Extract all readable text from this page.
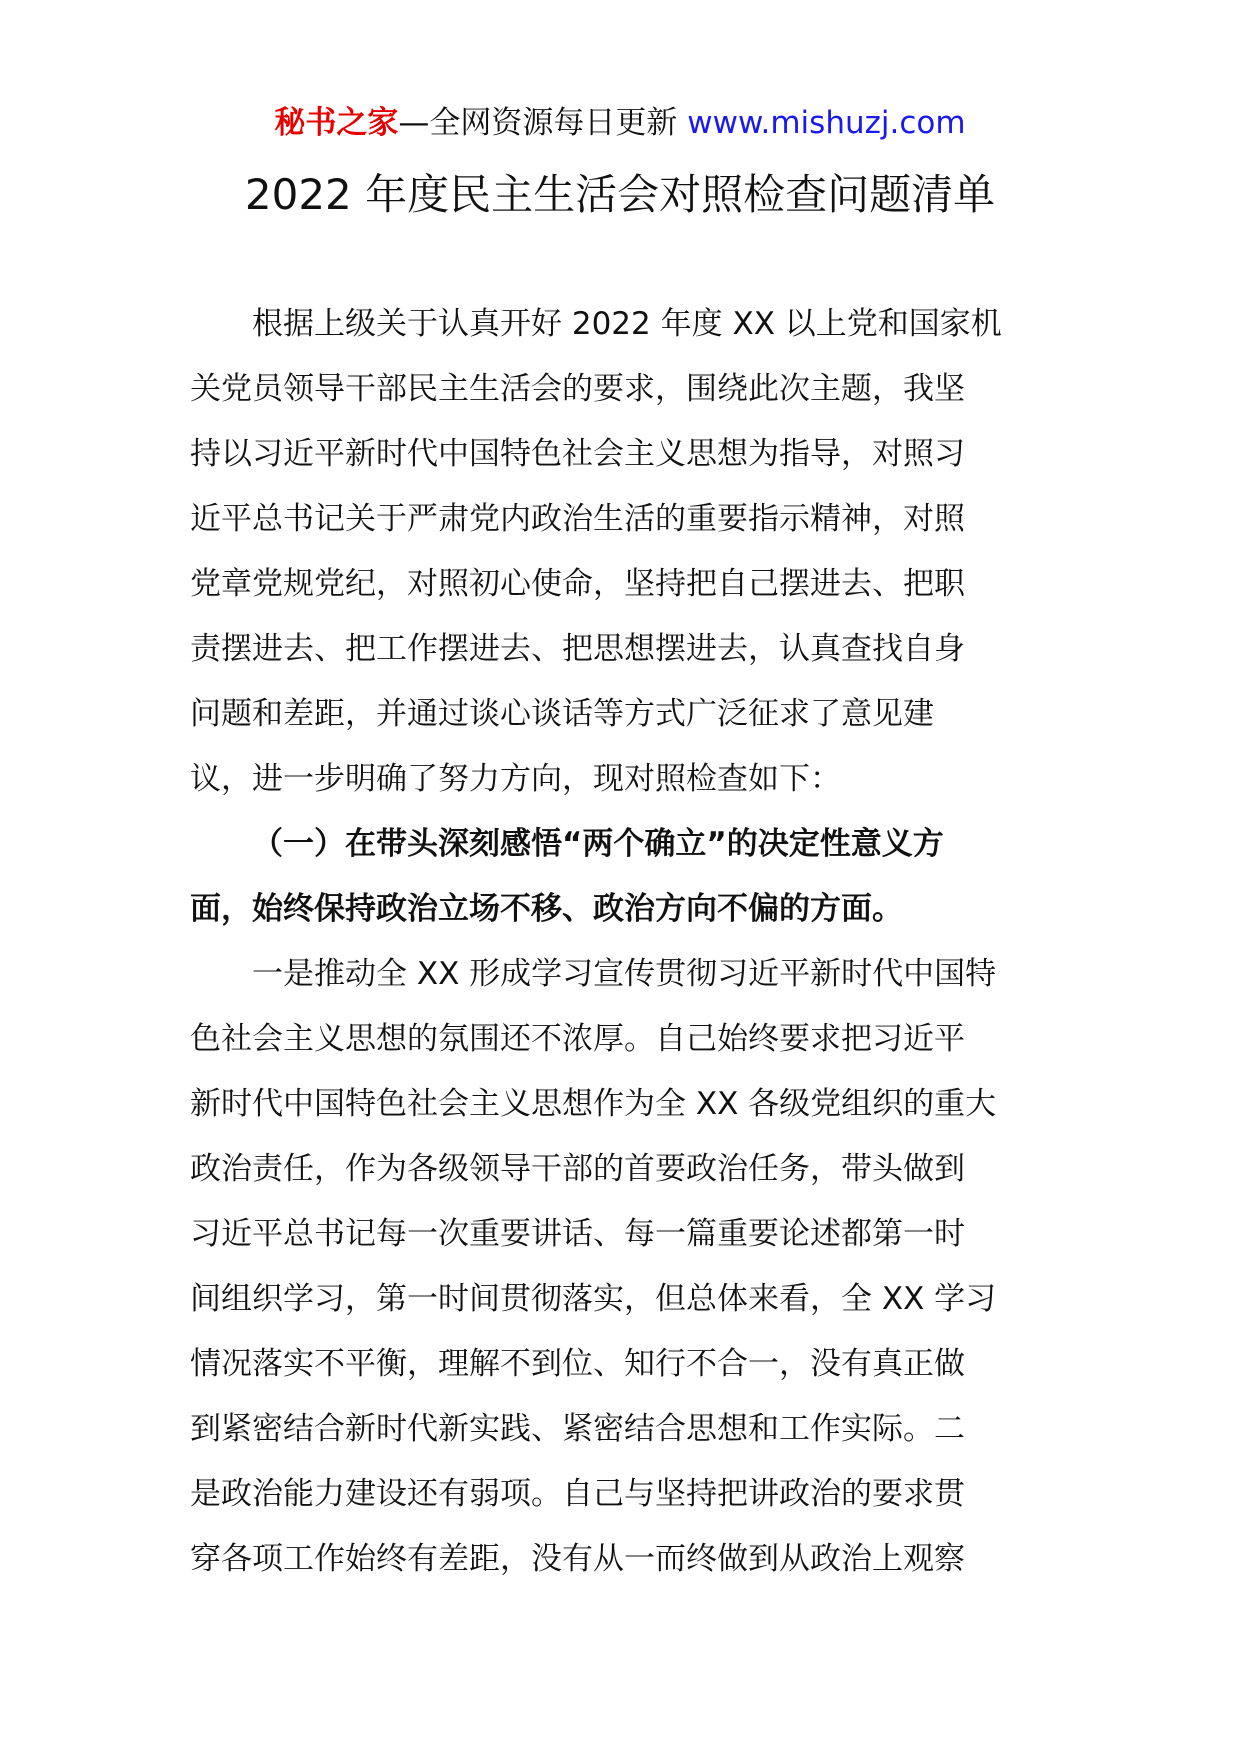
秘书之家—全网资源每日更新 www.mishuzj.com
2022 年度民主生活会对照检查问题清单
根据上级关于认真开好 2022 年度 XX 以上党和国家机
关党员领导干部民主生活会的要求，围绕此次主题，我坚
持以习近平新时代中国特色社会主义思想为指导，对照习
近平总书记关于严肃党内政治生活的重要指示精神，对照
党章党规党纪，对照初心使命，坚持把自己摆进去、把职
责摆进去、把工作摆进去、把思想摆进去，认真查找自身
问题和差距，并通过谈心谈话等方式广泛征求了意见建
议，进一步明确了努力方向，现对照检查如下：
（一）在带头深刻感悟“两个确立”的决定性意义方
面，始终保持政治立场不移、政治方向不偏的方面。
一是推动全 XX 形成学习宣传贯彻习近平新时代中国特
色社会主义思想的氛围还不浓厚。自己始终要求把习近平
新时代中国特色社会主义思想作为全 XX 各级党组织的重大
政治责任，作为各级领导干部的首要政治任务，带头做到
习近平总书记每一次重要讲话、每一篇重要论述都第一时
间组织学习，第一时间贯彻落实，但总体来看，全 XX 学习
情况落实不平衡，理解不到位、知行不合一，没有真正做
到紧密结合新时代新实践、紧密结合思想和工作实际。二
是政治能力建设还有弱项。自己与坚持把讲政治的要求贯
穿各项工作始终有差距，没有从一而终做到从政治上观察
